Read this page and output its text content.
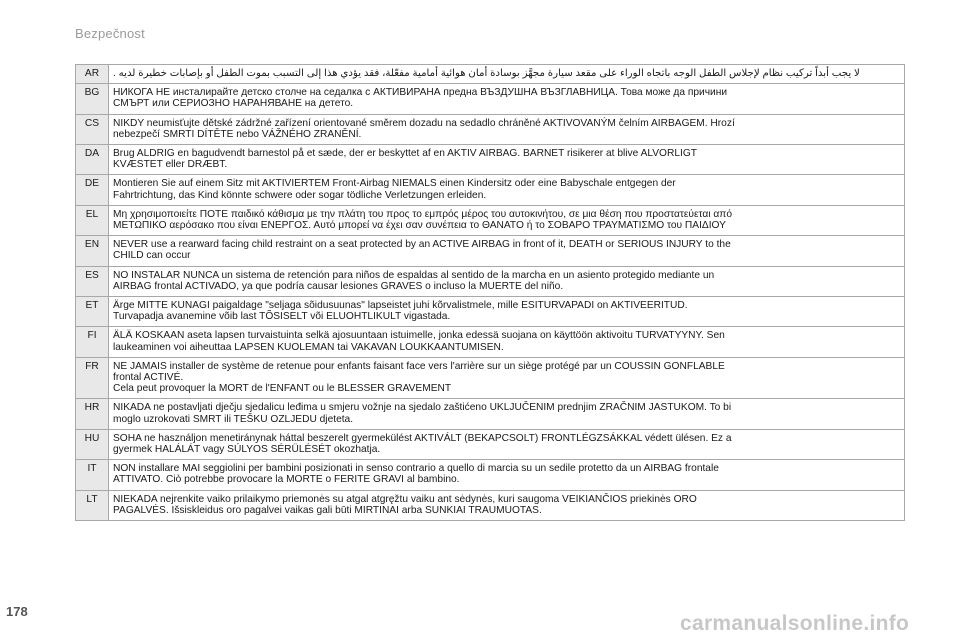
Bezpečnost
AR	لا يجب أبداً تركيب نظام لإجلاس الطفل الوجه باتجاه الوراء على مقعد سيارة مجهَّز بوسادة أمان هوائية أمامية مفعّلة، فقد يؤدي هذا إلى التسبب بموت الطفل أو بإصابات خطيرة لديه .

BG	НИКОГА НЕ инсталирайте детско столче на седалка с АКТИВИРАНА предна ВЪЗДУШНА ВЪЗГЛАВНИЦА. Това може да причини
СМЪРТ или СЕРИОЗНО НАРАНЯВАНЕ на детето.

CS	NIKDY neumisťujte dětské zádržné zařízení orientované směrem dozadu na sedadlo chráněné AKTIVOVANÝM čelním AIRBAGEM. Hrozí
nebezpečí SMRTI DÍTĚTE nebo VÁŽNÉHO ZRANĚNÍ.

DA	Brug ALDRIG en bagudvendt barnestol på et sæde, der er beskyttet af en AKTIV AIRBAG. BARNET risikerer at blive ALVORLIGT
KVÆSTET eller DRÆBT.

DE	Montieren Sie auf einem Sitz mit AKTIVIERTEM Front-Airbag NIEMALS einen Kindersitz oder eine Babyschale entgegen der
Fahrtrichtung, das Kind könnte schwere oder sogar tödliche Verletzungen erleiden.

EL	Μη χρησιμοποιείτε ΠΟΤΕ παιδικό κάθισμα με την πλάτη του προς το εμπρός μέρος του αυτοκινήτου, σε μια θέση που προστατεύεται από
ΜΕΤΩΠΙΚΟ αερόσακο που είναι ΕΝΕΡΓΟΣ. Αυτό μπορεί να έχει σαν συνέπεια το ΘΑΝΑΤΟ ή το ΣΟΒΑΡΟ ΤΡΑΥΜΑΤΙΣΜΟ του ΠΑΙΔΙΟΥ

EN	NEVER use a rearward facing child restraint on a seat protected by an ACTIVE AIRBAG in front of it, DEATH or SERIOUS INJURY to the
CHILD can occur

ES	NO INSTALAR NUNCA un sistema de retención para niños de espaldas al sentido de la marcha en un asiento protegido mediante un
AIRBAG frontal ACTIVADO, ya que podría causar lesiones GRAVES o incluso la MUERTE del niño.

ET	Ärge MITTE KUNAGI paigaldage "seljaga sõidusuunas" lapseistet juhi kõrvalistmele, mille ESITURVAPADI on AKTIVEERITUD.
Turvapadja avanemine võib last TÕSISELT või ELUOHTLIKULT vigastada.

FI	ÄLÄ KOSKAAN aseta lapsen turvaistuinta selkä ajosuuntaan istuimelle, jonka edessä suojana on käyttöön aktivoitu TURVATYYNY. Sen
laukeaminen voi aiheuttaa LAPSEN KUOLEMAN tai VAKAVAN LOUKKAANTUMISEN.

FR	NE JAMAIS installer de système de retenue pour enfants faisant face vers l'arrière sur un siège protégé par un COUSSIN GONFLABLE
frontal ACTIVÉ.
Cela peut provoquer la MORT de l'ENFANT ou le BLESSER GRAVEMENT

HR	NIKADA ne postavljati dječju sjedalicu leđima u smjeru vožnje na sjedalo zaštićeno UKLJUČENIM prednjim ZRAČNIM JASTUKOM. To bi
moglo uzrokovati SMRT ili TEŠKU OZLJEDU djeteta.

HU	SOHA ne használjon menetiránynak háttal beszerelt gyermekülést AKTIVÁLT (BEKAPCSOLT) FRONTLÉGZSÁKKAL védett ülésen. Ez a
gyermek HALÁLÁT vagy SÚLYOS SÉRÜLÉSÉT okozhatja.

IT	NON installare MAI seggiolini per bambini posizionati in senso contrario a quello di marcia su un sedile protetto da un AIRBAG frontale
ATTIVATO. Ciò potrebbe provocare la MORTE o FERITE GRAVI al bambino.

LT	NIEKADA nejrenkite vaiko prilaikymo priemonės su atgal atgręžtu vaiku ant sėdynės, kuri saugoma VEIKIANČIOS priekinės ORO
PAGALVĖS. Išsiskleidus oro pagalvei vaikas gali būti MIRTINAI arba SUNKIAI TRAUMUOTAS.
178
carmanualsonline.info
